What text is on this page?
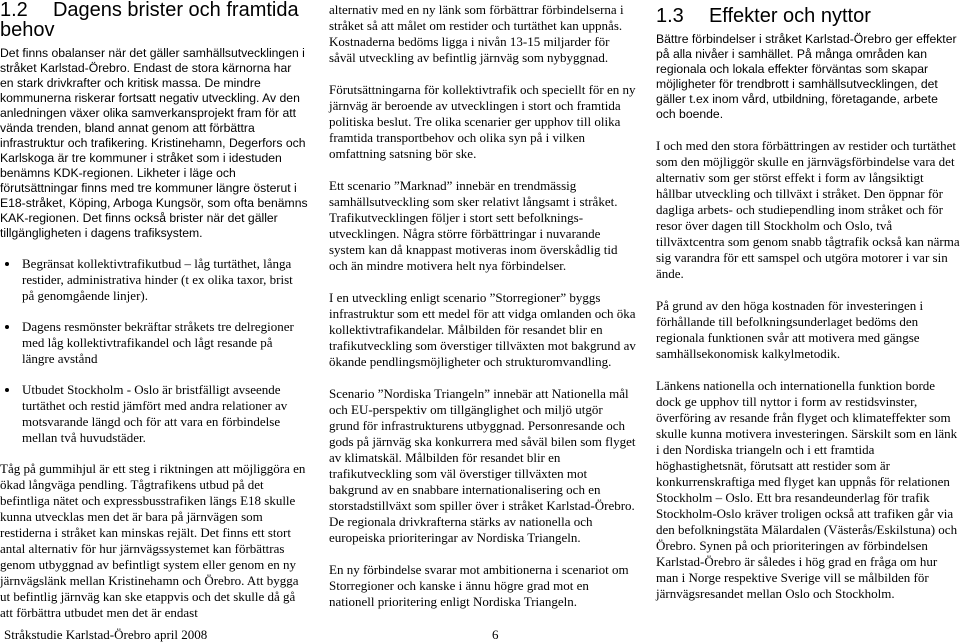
1.2 Dagens brister och framtida behov

Det finns obalanser när det gäller samhällsutvecklingen i stråket Karlstad-Örebro. Endast de stora kärnorna har en stark drivkrafter och kritisk massa. De mindre kommunerna riskerar fortsatt negativ utveckling. Av den anledningen växer olika samverkansprojekt fram för att vända trenden, bland annat genom att förbättra infrastruktur och trafikering. Kristinehamn, Degerfors och Karlskoga är tre kommuner i stråket som i idestuden benämns KDK-regionen. Likheter i läge och förutsättningar finns med tre kommuner längre österut i E18-stråket, Köping, Arboga Kungsör, som ofta benämns KAK-regionen. Det finns också brister när det gäller tillgängligheten i dagens trafiksystem.

Begränsat kollektivtrafikutbud – låg turtäthet, långa restider, administrativa hinder (t ex olika taxor, brist på genomgående linjer).
Dagens resmönster bekräftar stråkets tre delregioner med låg kollektivtrafikandel och lågt resande på längre avstånd
Utbudet Stockholm - Oslo är bristfälligt avseende turtäthet och restid jämfört med andra relationer av motsvarande längd och för att vara en förbindelse mellan två huvudstäder.

Tåg på gummihjul är ett steg i riktningen att möjliggöra en ökad långväga pendling. Tågtrafikens utbud på det befintliga nätet och expressbusstrafiken längs E18 skulle kunna utvecklas men det är bara på järnvägen som restiderna i stråket kan minskas rejält. Det finns ett stort antal alternativ för hur järnvägssystemet kan förbättras genom utbyggnad av befintligt system eller genom en ny järnvägslänk mellan Kristinehamn och Örebro. Att bygga ut befintlig järnväg kan ske etappvis och det skulle då gå att förbättra utbudet men det är endast

alternativ med en ny länk som förbättrar förbindelserna i stråket så att målet om restider och turtäthet kan uppnås. Kostnaderna bedöms ligga i nivån 13-15 miljarder för såväl utveckling av befintlig järnväg som nybyggnad.

Förutsättningarna för kollektivtrafik och speciellt för en ny järnväg är beroende av utvecklingen i stort och framtida politiska beslut. Tre olika scenarier ger upphov till olika framtida transportbehov och olika syn på i vilken omfattning satsning bör ske.

Ett scenario ”Marknad” innebär en trendmässig samhällsutveckling som sker relativt långsamt i stråket. Trafikutvecklingen följer i stort sett befolkningsutvecklingen. Några större förbättringar i nuvarande system kan då knappast motiveras inom överskådlig tid och än mindre motivera helt nya förbindelser.

I en utveckling enligt scenario ”Storregioner” byggs infrastruktur som ett medel för att vidga omlanden och öka kollektivtrafikandelar. Målbilden för resandet blir en trafikutveckling som överstiger tillväxten mot bakgrund av ökande pendlingsmöjligheter och strukturomvandling.

Scenario ”Nordiska Triangeln” innebär att Nationella mål och EU-perspektiv om tillgänglighet och miljö utgör grund för infrastrukturens utbyggnad. Personresande och gods på järnväg ska konkurrera med såväl bilen som flyget av klimatskäl. Målbilden för resandet blir en trafikutveckling som väl överstiger tillväxten mot bakgrund av en snabbare internationalisering och en storstadstillväxt som spiller över i stråket Karlstad-Örebro. De regionala drivkrafterna stärks av nationella och europeiska prioriteringar av Nordiska Triangeln.

En ny förbindelse svarar mot ambitionerna i scenariot om Storregioner och kanske i ännu högre grad mot en nationell prioritering enligt Nordiska Triangeln.

1.3 Effekter och nyttor

Bättre förbindelser i stråket Karlstad-Örebro ger effekter på alla nivåer i samhället. På många områden kan regionala och lokala effekter förväntas som skapar möjligheter för trendbrott i samhällsutvecklingen, det gäller t.ex inom vård, utbildning, företagande, arbete och boende.

I och med den stora förbättringen av restider och turtäthet som den möjliggör skulle en järnvägsförbindelse vara det alternativ som ger störst effekt i form av långsiktigt hållbar utveckling och tillväxt i stråket. Den öppnar för dagliga arbets- och studiependling inom stråket och för resor över dagen till Stockholm och Oslo, två tillväxtcentra som genom snabb tågtrafik också kan närma sig varandra för ett samspel och utgöra motorer i var sin ände.

På grund av den höga kostnaden för investeringen i förhållande till befolkningsunderlaget bedöms den regionala funktionen svår att motivera med gängse samhällsekonomisk kalkylmetodik.

Länkens nationella och internationella funktion borde dock ge upphov till nyttor i form av restidsvinster, överföring av resande från flyget och klimateffekter som skulle kunna motivera investeringen. Särskilt som en länk i den Nordiska triangeln och i ett framtida höghastighetsnät, förutsatt att restider som är konkurrenskraftiga med flyget kan uppnås för relationen Stockholm – Oslo. Ett bra resandeunderlag för trafik Stockholm-Oslo kräver troligen också att trafiken går via den befolkningstäta Mälardalen (Västerås/Eskilstuna) och Örebro. Synen på och prioriteringen av förbindelsen Karlstad-Örebro är således i hög grad en fråga om hur man i Norge respektive Sverige vill se målbilden för järnvägsresandet mellan Oslo och Stockholm.

Stråkstudie Karlstad-Örebro april 2008	6
